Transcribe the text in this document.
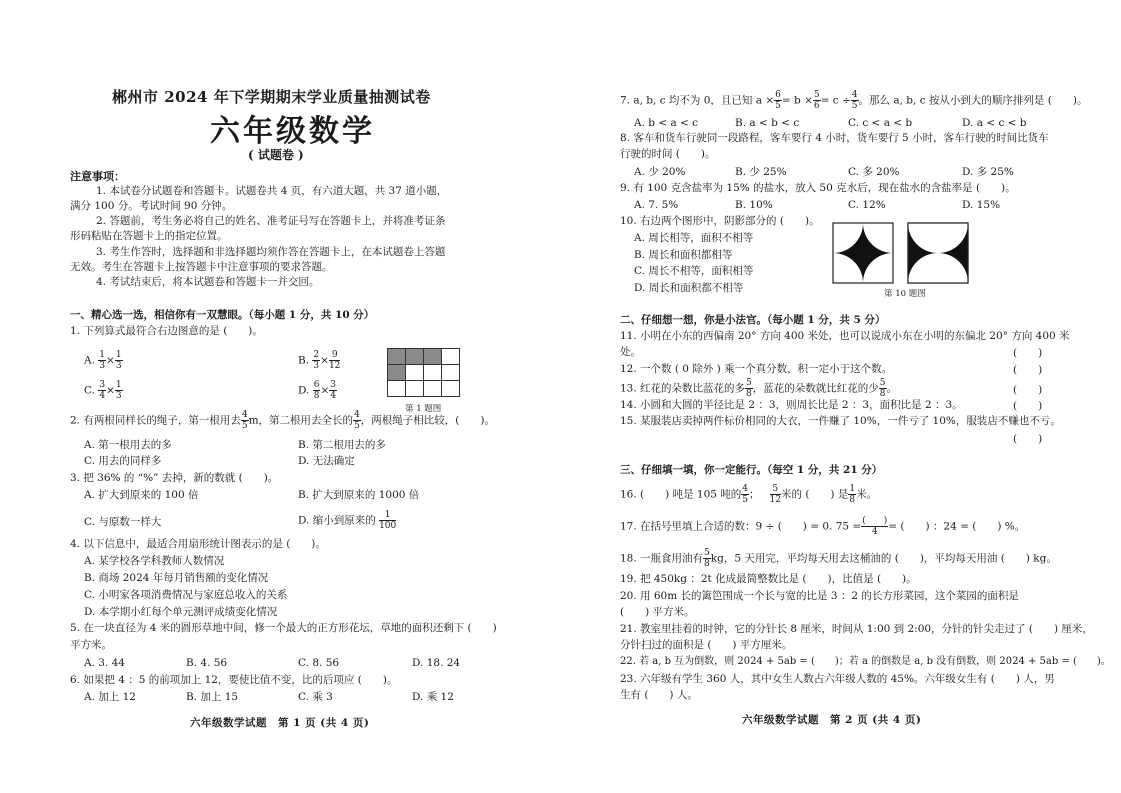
郴州市 2024 年下学期期末学业质量抽测试卷
六年级数学
( 试题卷 )
注意事项：
1. 本试卷分试题卷和答题卡。试题卷共 4 页，有六道大题，共 37 道小题，
满分 100 分。考试时间 90 分钟。
2. 答题前，考生务必将自己的姓名、准考证号写在答题卡上，并将准考证条
形码粘贴在答题卡上的指定位置。
3. 考生作答时，选择题和非选择题均须作答在答题卡上，在本试题卷上答题
无效。考生在答题卡上按答题卡中注意事项的要求答题。
4. 考试结束后，将本试题卷和答题卡一并交回。
一、精心选一选，相信你有一双慧眼。（每小题 1 分，共 10 分）
1. 下列算式最符合右边图意的是 (　　)。
A. $\frac{1}{3} \times \frac{1}{3}$	B. $\frac{2}{3} \times \frac{9}{12}$
C. $\frac{3}{4} \times \frac{1}{3}$	D. $\frac{6}{8} \times \frac{3}{4}$

第 1 题图
2. 有两根同样长的绳子，第一根用去 $\frac{4}{5}$ m，第二根用去全长的 $\frac{4}{5}$ ，两根绳子相比较，(　　)。
A. 第一根用去的多	B. 第二根用去的多
C. 用去的同样多	D. 无法确定
3. 把 36% 的 “%” 去掉，新的数就 (　　)。
A. 扩大到原来的 100 倍	B. 扩大到原来的 1000 倍
C. 与原数一样大	D. 缩小到原来的 $\frac{1}{100}$
4. 以下信息中，最适合用扇形统计图表示的是 (　　)。
A. 某学校各学科教师人数情况
B. 商场 2024 年每月销售额的变化情况
C. 小明家各项消费情况与家庭总收入的关系
D. 本学期小红每个单元测评成绩变化情况
5. 在一块直径为 4 米的圆形草地中间，修一个最大的正方形花坛，草地的面积还剩下 (　　)
平方米。
A. 3. 44	B. 4. 56	C. 8. 56	D. 18. 24
6. 如果把 4 ：5 的前项加上 12，要使比值不变，比的后项应 (　　)。
A. 加上 12	B. 加上 15	C. 乘 3	D. 乘 12
六年级数学试题　第 1 页 (共 4 页)
7. a, b, c 均不为 0，且已知 $a \times \frac{6}{5} = b \times \frac{5}{6} = c \div \frac{4}{5}$ 。那么 a, b, c 按从小到大的顺序排列是 (　　)。
A. b < a < c	B. a < b < c	C. c < a < b	D. a < c < b
8. 客车和货车行驶同一段路程，客车要行 4 小时，货车要行 5 小时，客车行驶的时间比货车
行驶的时间 (　　)。
A. 少 20%	B. 少 25%	C. 多 20%	D. 多 25%
9. 有 100 克含盐率为 15% 的盐水，放入 50 克水后，现在盐水的含盐率是 (　　)。
A. 7. 5%	B. 10%	C. 12%	D. 15%
10. 右边两个图形中，阴影部分的 (　　)。
A. 周长相等，面积不相等
B. 周长和面积都相等
C. 周长不相等，面积相等
D. 周长和面积都不相等	第 10 题图
二、仔细想一想，你是小法官。（每小题 1 分，共 5 分）
11. 小明在小东的西偏南 20° 方向 400 米处，也可以说成小东在小明的东偏北 20° 方向 400 米
处。	(　　)
12. 一个数 ( 0 除外 ) 乘一个真分数，积一定小于这个数。	(　　)
13. 红花的朵数比蓝花的多 $\frac{5}{8}$ ，蓝花的朵数就比红花的少 $\frac{5}{8}$ 。	(　　)
14. 小圆和大圆的半径比是 2 ：3，则周长比是 2 ：3，面积比是 2 ：3。	(　　)
15. 某服装店卖掉两件标价相同的大衣，一件赚了 10%，一件亏了 10%，服装店不赚也不亏。
(　　)
三、仔细填一填，你一定能行。（每空 1 分，共 21 分）
16. (　　) 吨是 105 吨的 $\frac{4}{5}$ ； $\frac{5}{12}$ 米的 (　　) 是 $\frac{1}{8}$ 米。
17. 在括号里填上合适的数：9 ÷ (　　) = 0. $75 = \frac{( )}{4}$ = (　　) ：24 = (　　) %。
18. 一瓶食用油有 $\frac{5}{8}$ kg，5 天用完，平均每天用去这桶油的 (　　)，平均每天用油 (　　) kg。
19. 把 450kg ：2t 化成最简整数比是 (　　)，比值是 (　　)。
20. 用 60m 长的篱笆围成一个长与宽的比是 3 ：2 的长方形菜园，这个菜园的面积是
(　　) 平方米。
21. 教室里挂着的时钟，它的分针长 8 厘米，时间从 1:00 到 2:00，分针的针尖走过了 (　　) 厘米，
分针扫过的面积是 (　　) 平方厘米。
22. 若 a, b 互为倒数，则 2024 + 5ab = (　　)；若 a 的倒数是 a, b 没有倒数，则 2024 + 5ab = (　　)。
23. 六年级有学生 360 人，其中女生人数占六年级人数的 45%。六年级女生有 (　　) 人，男
生有 (　　) 人。
六年级数学试题　第 2 页 (共 4 页)
